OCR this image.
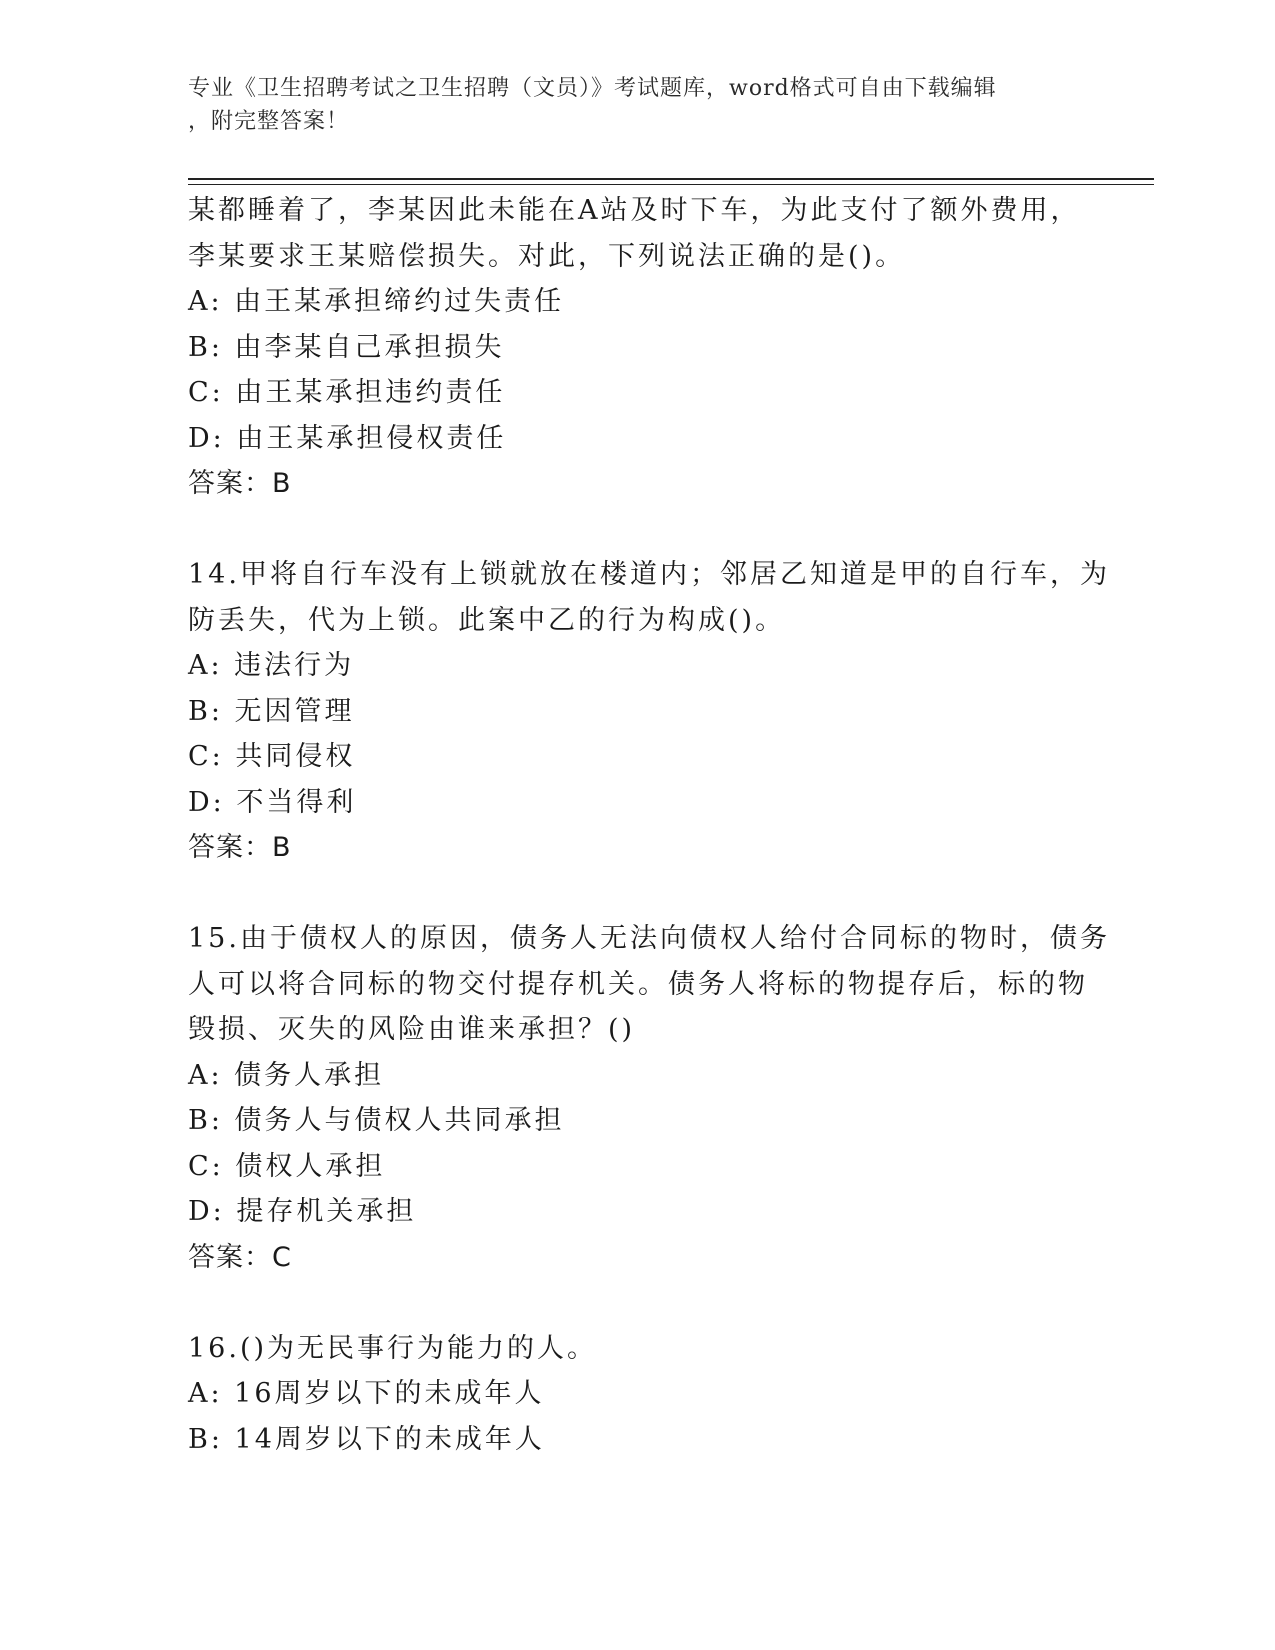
专业《卫生招聘考试之卫生招聘（文员）》考试题库，word格式可自由下载编辑
，附完整答案！
某都睡着了，李某因此未能在A站及时下车，为此支付了额外费用，
李某要求王某赔偿损失。对此，下列说法正确的是()。
A: 由王某承担缔约过失责任
B: 由李某自己承担损失
C: 由王某承担违约责任
D: 由王某承担侵权责任
答案：B
14.甲将自行车没有上锁就放在楼道内；邻居乙知道是甲的自行车，为
防丢失，代为上锁。此案中乙的行为构成()。
A: 违法行为
B: 无因管理
C: 共同侵权
D: 不当得利
答案：B
15.由于债权人的原因，债务人无法向债权人给付合同标的物时，债务
人可以将合同标的物交付提存机关。债务人将标的物提存后，标的物
毁损、灭失的风险由谁来承担？()
A: 债务人承担
B: 债务人与债权人共同承担
C: 债权人承担
D: 提存机关承担
答案：C
16.()为无民事行为能力的人。
A: 16周岁以下的未成年人
B: 14周岁以下的未成年人
